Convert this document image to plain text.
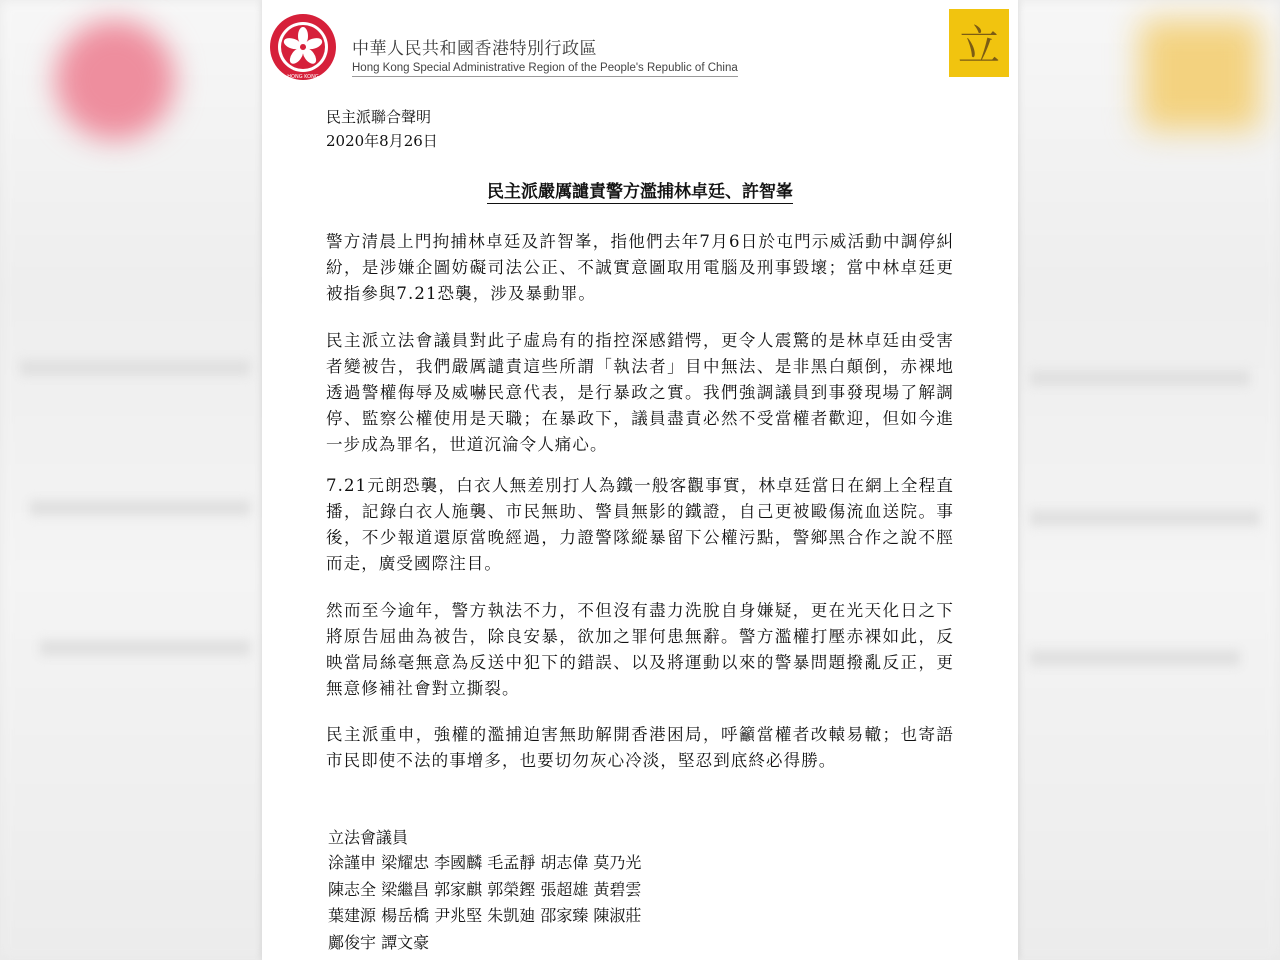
HONG KONG
中華人民共和國香港特別行政區
Hong Kong Special Administrative Region of the People's Republic of China	立
民主派聯合聲明
2020年8月26日
民主派嚴厲譴責警方濫捕林卓廷、許智峯
警方清晨上門拘捕林卓廷及許智峯，指他們去年7月6日於屯門示威活動中調停糾紛，是涉嫌企圖妨礙司法公正、不誠實意圖取用電腦及刑事毀壞；當中林卓廷更被指參與7.21恐襲，涉及暴動罪。
民主派立法會議員對此子虛烏有的指控深感錯愕，更令人震驚的是林卓廷由受害者變被告，我們嚴厲譴責這些所謂「執法者」目中無法、是非黑白顛倒，赤裸地透過警權侮辱及威嚇民意代表，是行暴政之實。我們強調議員到事發現場了解調停、監察公權使用是天職；在暴政下，議員盡責必然不受當權者歡迎，但如今進一步成為罪名，世道沉淪令人痛心。
7.21元朗恐襲，白衣人無差別打人為鐵一般客觀事實，林卓廷當日在網上全程直播，記錄白衣人施襲、市民無助、警員無影的鐵證，自己更被毆傷流血送院。事後，不少報道還原當晚經過，力證警隊縱暴留下公權污點，警鄉黑合作之說不脛而走，廣受國際注目。
然而至今逾年，警方執法不力，不但沒有盡力洗脫自身嫌疑，更在光天化日之下將原告屈曲為被告，除良安暴，欲加之罪何患無辭。警方濫權打壓赤裸如此，反映當局絲毫無意為反送中犯下的錯誤、以及將運動以來的警暴問題撥亂反正，更無意修補社會對立撕裂。
民主派重申，強權的濫捕迫害無助解開香港困局，呼籲當權者改轅易轍；也寄語市民即使不法的事增多，也要切勿灰心冷淡，堅忍到底終必得勝。
立法會議員
涂謹申 梁耀忠 李國麟 毛孟靜 胡志偉 莫乃光
陳志全 梁繼昌 郭家麒 郭榮鏗 張超雄 黃碧雲
葉建源 楊岳橋 尹兆堅 朱凱廸 邵家臻 陳淑莊
鄺俊宇 譚文豪
